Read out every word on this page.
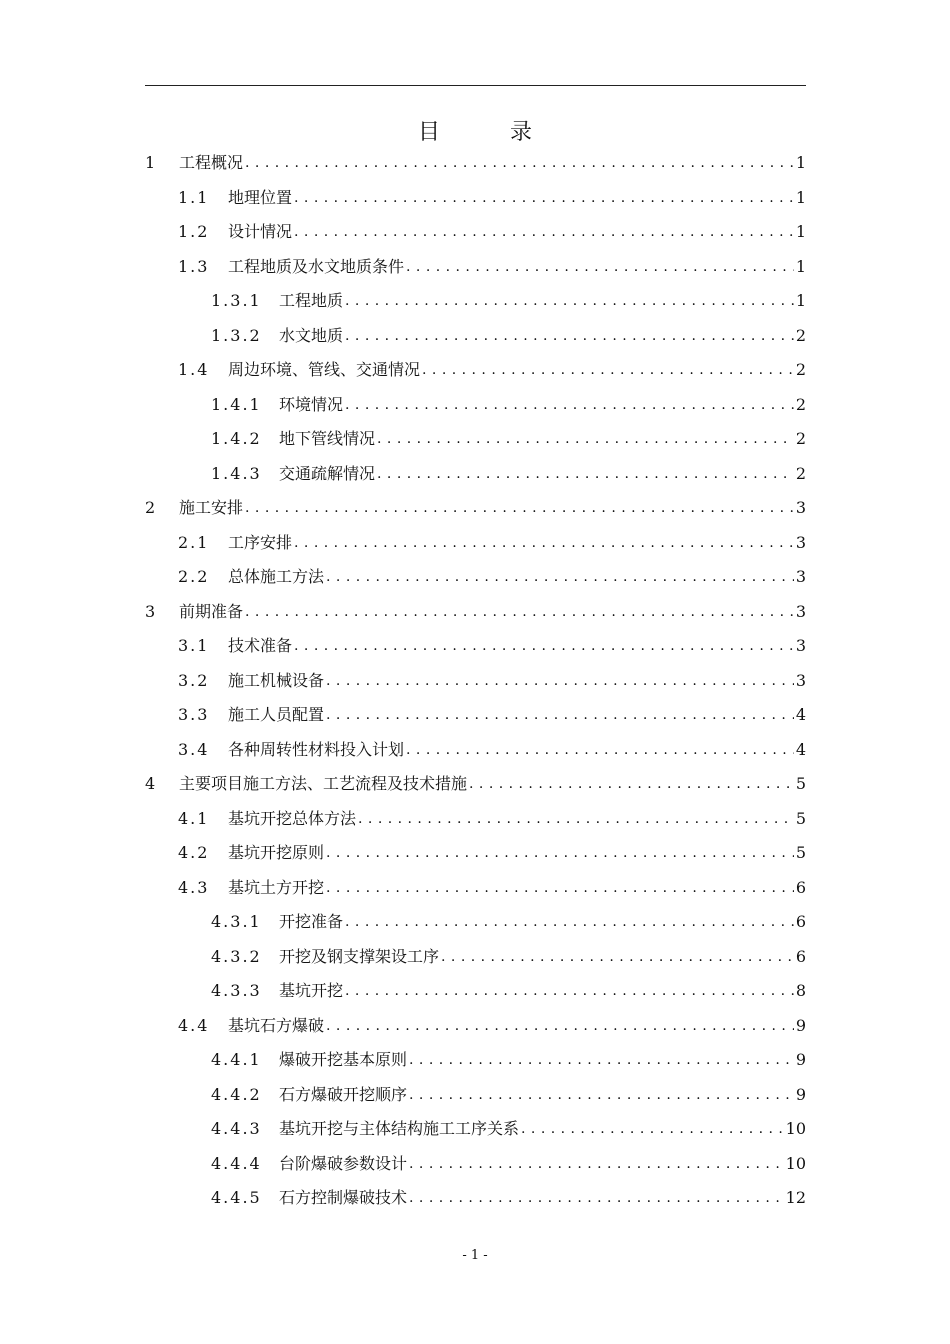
目　录
1	工程概况 . . .	1
1.1	地理位置 . . .	1
1.2	设计情况 . . .	1
1.3	工程地质及水文地质条件 . . .	1
1.3.1	工程地质 . . .	1
1.3.2	水文地质 . . .	2
1.4	周边环境、管线、交通情况 . . .	2
1.4.1	环境情况 . . .	2
1.4.2	地下管线情况 . . .	2
1.4.3	交通疏解情况 . . .	2
2	施工安排 . . .	3
2.1	工序安排 . . .	3
2.2	总体施工方法 . . .	3
3	前期准备 . . .	3
3.1	技术准备 . . .	3
3.2	施工机械设备 . . .	3
3.3	施工人员配置 . . .	4
3.4	各种周转性材料投入计划 . . .	4
4	主要项目施工方法、工艺流程及技术措施 . . .	5
4.1	基坑开挖总体方法 . . .	5
4.2	基坑开挖原则 . . .	5
4.3	基坑土方开挖 . . .	6
4.3.1	开挖准备 . . .	6
4.3.2	开挖及钢支撑架设工序 . . .	6
4.3.3	基坑开挖 . . .	8
4.4	基坑石方爆破 . . .	9
4.4.1	爆破开挖基本原则 . . .	9
4.4.2	石方爆破开挖顺序 . . .	9
4.4.3	基坑开挖与主体结构施工工序关系 . . .	10
4.4.4	台阶爆破参数设计 . . .	10
4.4.5	石方控制爆破技术 . . .	12
- 1 -
